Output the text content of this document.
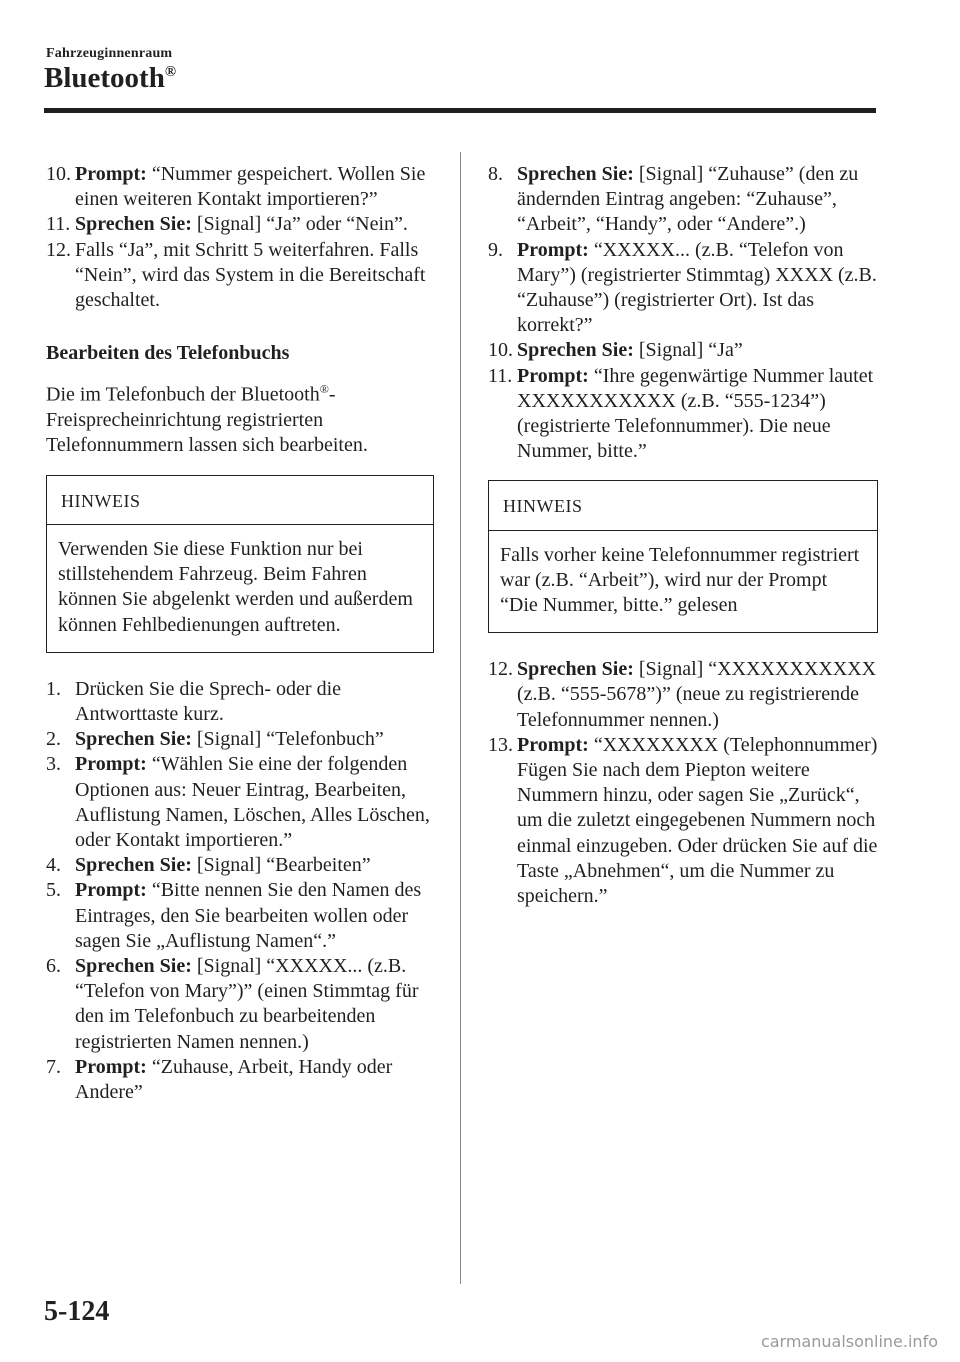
Fahrzeuginnenraum
Bluetooth®

10. Prompt: “Nummer gespeichert. Wollen Sie einen weiteren Kontakt importieren?”

11. Sprechen Sie: [Signal] “Ja” oder “Nein”.

12. Falls “Ja”, mit Schritt 5 weiterfahren. Falls “Nein”, wird das System in die Bereitschaft geschaltet.

Bearbeiten des Telefonbuchs

Die im Telefonbuch der Bluetooth®-Freisprecheinrichtung registrierten Telefonnummern lassen sich bearbeiten.

HINWEIS
Verwenden Sie diese Funktion nur bei stillstehendem Fahrzeug. Beim Fahren können Sie abgelenkt werden und außerdem können Fehlbedienungen auftreten.

1. Drücken Sie die Sprech- oder die Antworttaste kurz.

2. Sprechen Sie: [Signal] “Telefonbuch”

3. Prompt: “Wählen Sie eine der folgenden Optionen aus: Neuer Eintrag, Bearbeiten, Auflistung Namen, Löschen, Alles Löschen, oder Kontakt importieren.”

4. Sprechen Sie: [Signal] “Bearbeiten”

5. Prompt: “Bitte nennen Sie den Namen des Eintrages, den Sie bearbeiten wollen oder sagen Sie „Auflistung Namen“.”

6. Sprechen Sie: [Signal] “XXXXX... (z.B. “Telefon von Mary”)” (einen Stimmtag für den im Telefonbuch zu bearbeitenden registrierten Namen nennen.)

7. Prompt: “Zuhause, Arbeit, Handy oder Andere”

8. Sprechen Sie: [Signal] “Zuhause” (den zu ändernden Eintrag angeben: “Zuhause”, “Arbeit”, “Handy”, oder “Andere”.)

9. Prompt: “XXXXX... (z.B. “Telefon von Mary”) (registrierter Stimmtag) XXXX (z.B. “Zuhause”) (registrierter Ort). Ist das korrekt?”

10. Sprechen Sie: [Signal] “Ja”

11. Prompt: “Ihre gegenwärtige Nummer lautet XXXXXXXXXXX (z.B. “555-1234”) (registrierte Telefonnummer). Die neue Nummer, bitte.”

HINWEIS
Falls vorher keine Telefonnummer registriert war (z.B. “Arbeit”), wird nur der Prompt “Die Nummer, bitte.” gelesen

12. Sprechen Sie: [Signal] “XXXXXXXXXXX (z.B. “555-5678”)” (neue zu registrierende Telefonnummer nennen.)

13. Prompt: “XXXXXXXX (Telephonnummer) Fügen Sie nach dem Piepton weitere Nummern hinzu, oder sagen Sie „Zurück“, um die zuletzt eingegebenen Nummern noch einmal einzugeben. Oder drücken Sie auf die Taste „Abnehmen“, um die Nummer zu speichern.”

5-124
carmanualsonline.info
